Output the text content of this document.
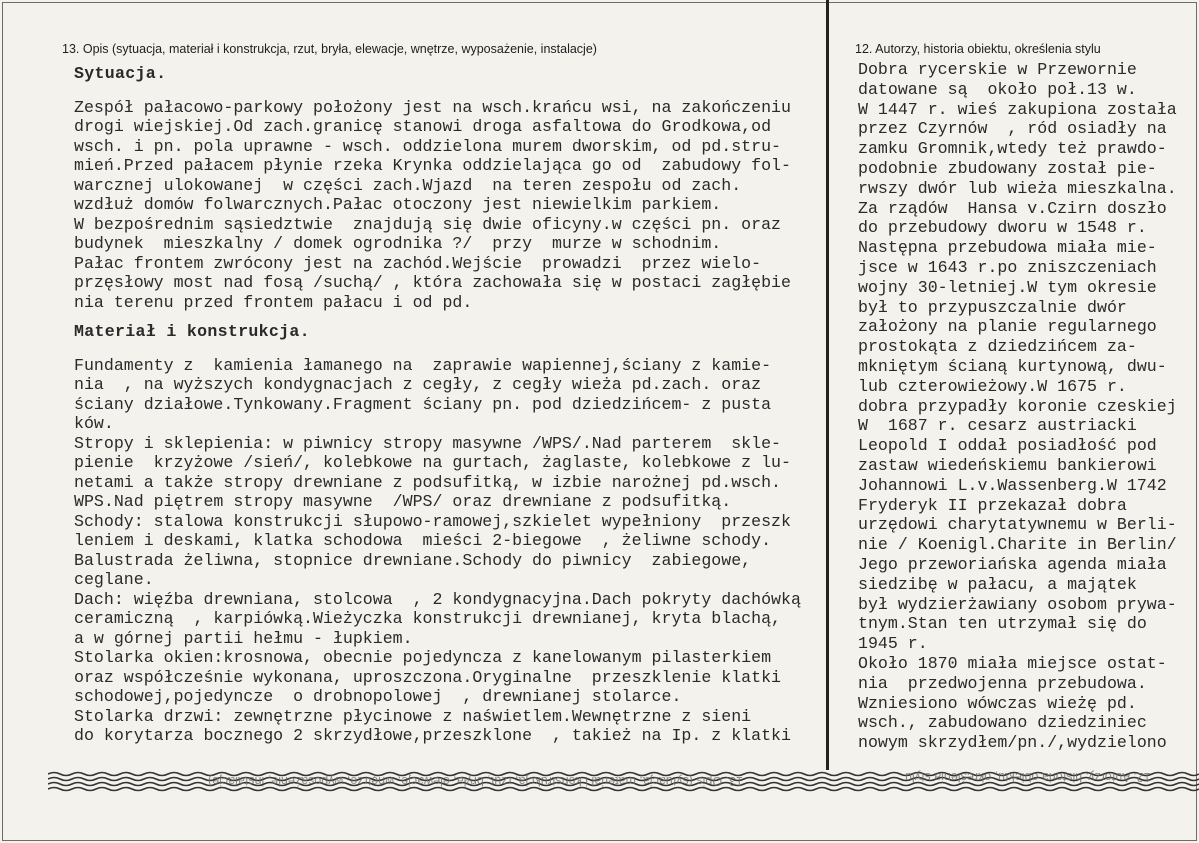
13. Opis (sytuacja, materiał i konstrukcja, rzut, bryła, elewacje, wnętrze, wyposażenie, instalacje)	12. Autorzy, historia obiektu, określenia stylu
Sytuacja.
Zespół pałacowo-parkowy położony jest na wsch.krańcu wsi, na zakończeniu
drogi wiejskiej.Od zach.granicę stanowi droga asfaltowa do Grodkowa,od
wsch. i pn. pola uprawne - wsch. oddzielona murem dworskim, od pd.stru-
mień.Przed pałacem płynie rzeka Krynka oddzielająca go od  zabudowy fol-
warcznej ulokowanej  w części zach.Wjazd  na teren zespołu od zach.
wzdłuż domów folwarcznych.Pałac otoczony jest niewielkim parkiem.
W bezpośrednim sąsiedztwie  znajdują się dwie oficyny.w części pn. oraz
budynek  mieszkalny / domek ogrodnika ?/  przy  murze w schodnim.
Pałac frontem zwrócony jest na zachód.Wejście  prowadzi  przez wielo-
przęsłowy most nad fosą /suchą/ , która zachowała się w postaci zagłębie
nia terenu przed frontem pałacu i od pd.
Materiał i konstrukcja.
Fundamenty z  kamienia łamanego na  zaprawie wapiennej,ściany z kamie-
nia  , na wyższych kondygnacjach z cegły, z cegły wieża pd.zach. oraz
ściany działowe.Tynkowany.Fragment ściany pn. pod dziedzińcem- z pusta
ków.
Stropy i sklepienia: w piwnicy stropy masywne /WPS/.Nad parterem  skle-
pienie  krzyżowe /sień/, kolebkowe na gurtach, żaglaste, kolebkowe z lu-
netami a także stropy drewniane z podsufitką, w izbie narożnej pd.wsch.
WPS.Nad piętrem stropy masywne  /WPS/ oraz drewniane z podsufitką.
Schody: stalowa konstrukcji słupowo-ramowej,szkielet wypełniony  przeszk
leniem i deskami, klatka schodowa  mieści 2-biegowe  , żeliwne schody.
Balustrada żeliwna, stopnice drewniane.Schody do piwnicy  zabiegowe,
ceglane.
Dach: więźba drewniana, stolcowa  , 2 kondygnacyjna.Dach pokryty dachówką
ceramiczną  , karpiówką.Wieżyczka konstrukcji drewnianej, kryta blachą,
a w górnej partii hełmu - łupkiem.
Stolarka okien:krosnowa, obecnie pojedyncza z kanelowanym pilasterkiem
oraz współcześnie wykonana, uproszczona.Oryginalne  przeszklenie klatki
schodowej,pojedyncze  o drobnopolowej  , drewnianej stolarce.
Stolarka drzwi: zewnętrzne płycinowe z naświetlem.Wewnętrzne z sieni
do korytarza bocznego 2 skrzydłowe,przeszklone  , takież na Ip. z klatki
Dobra rycerskie w Przewornie
datowane są  około poł.13 w.
W 1447 r. wieś zakupiona została
przez Czyrnów  , ród osiadły na
zamku Gromnik,wtedy też prawdo-
podobnie zbudowany został pie-
rwszy dwór lub wieża mieszkalna.
Za rządów  Hansa v.Czirn doszło
do przebudowy dworu w 1548 r.
Następna przebudowa miała mie-
jsce w 1643 r.po zniszczeniach
wojny 30-letniej.W tym okresie
był to przypuszczalnie dwór
założony na planie regularnego
prostokąta z dziedzińcem za-
mkniętym ścianą kurtynową, dwu-
lub czterowieżowy.W 1675 r.
dobra przypadły koronie czeskiej
W  1687 r. cesarz austriacki
Leopold I oddał posiadłość pod
zastaw wiedeńskiemu bankierowi
Johannowi L.v.Wassenberg.W 1742
Fryderyk II przekazał dobra
urzędowi charytatywnemu w Berli-
nie / Koenigl.Charite in Berlin/
Jego przeworiańska agenda miała
siedzibę w pałacu, a majątek
był wydzierżawiany osobom prywa-
tnym.Stan ten utrzymał się do
1945 r.
Około 1870 miała miejsce ostat-
nia  przedwojenna przebudowa.
Wzniesiono wówczas wieżę pd.
wsch., zabudowano dziedziniec
nowym skrzydłem/pn./,wydzielono
13. Opis (sytuacja, materiał i konstrukcja, rzut, bryła, elewacje, wnętrze, wyposażenie, instalacje)	12. Autorzy, historia obiektu, określenia stylu
